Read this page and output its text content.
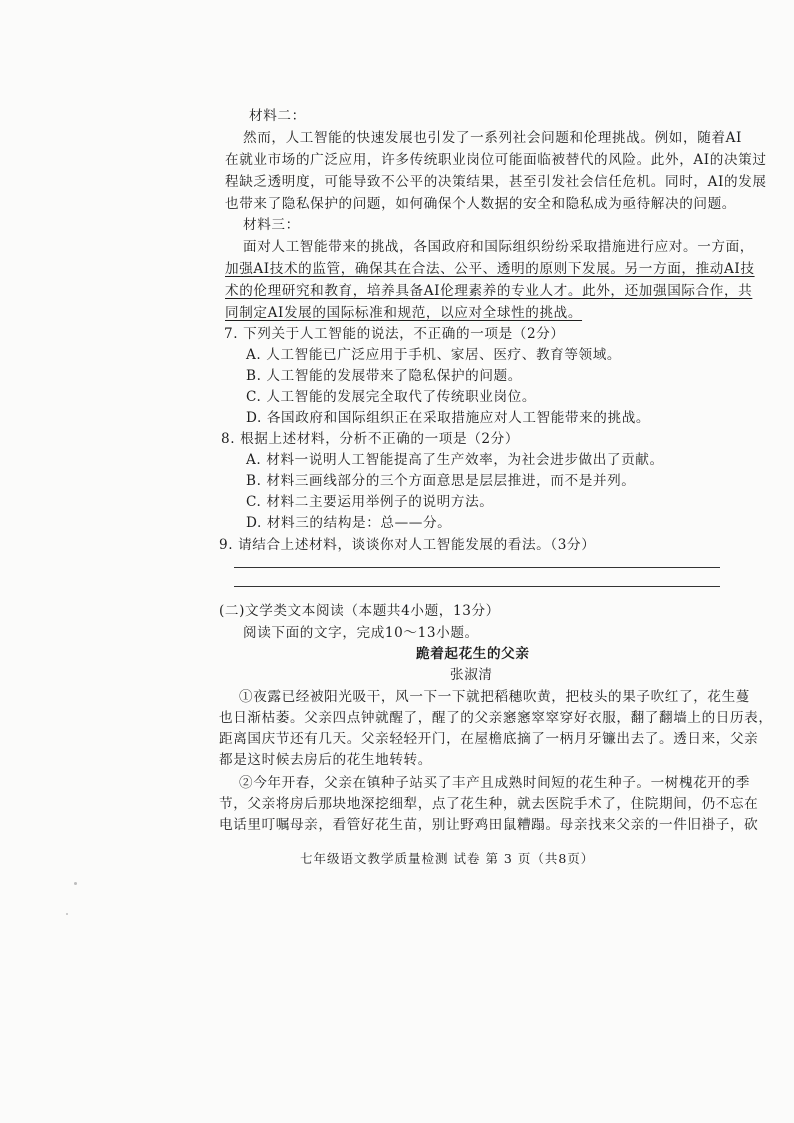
材料二：
然而，人工智能的快速发展也引发了一系列社会问题和伦理挑战。例如，随着AI
在就业市场的广泛应用，许多传统职业岗位可能面临被替代的风险。此外，AI的决策过
程缺乏透明度，可能导致不公平的决策结果，甚至引发社会信任危机。同时，AI的发展
也带来了隐私保护的问题，如何确保个人数据的安全和隐私成为亟待解决的问题。
材料三：
面对人工智能带来的挑战，各国政府和国际组织纷纷采取措施进行应对。一方面，
加强AI技术的监管，确保其在合法、公平、透明的原则下发展。另一方面，推动AI技
术的伦理研究和教育，培养具备AI伦理素养的专业人才。此外，还加强国际合作，共
同制定AI发展的国际标准和规范，以应对全球性的挑战。
7. 下列关于人工智能的说法，不正确的一项是（2分）
A. 人工智能已广泛应用于手机、家居、医疗、教育等领域。
B. 人工智能的发展带来了隐私保护的问题。
C. 人工智能的发展完全取代了传统职业岗位。
D. 各国政府和国际组织正在采取措施应对人工智能带来的挑战。
8. 根据上述材料，分析不正确的一项是（2分）
A. 材料一说明人工智能提高了生产效率，为社会进步做出了贡献。
B. 材料三画线部分的三个方面意思是层层推进，而不是并列。
C. 材料二主要运用举例子的说明方法。
D. 材料三的结构是：总——分。
9. 请结合上述材料，谈谈你对人工智能发展的看法。（3分）
(二)文学类文本阅读（本题共4小题，13分）
阅读下面的文字，完成10～13小题。
跪着起花生的父亲
张淑清
①夜露已经被阳光吸干，风一下一下就把稻穗吹黄，把枝头的果子吹红了，花生蔓
也日渐枯萎。父亲四点钟就醒了，醒了的父亲窸窸窣窣穿好衣服，翻了翻墙上的日历表，
距离国庆节还有几天。父亲轻轻开门，在屋檐底摘了一柄月牙镰出去了。透日来，父亲
都是这时候去房后的花生地转转。
②今年开春，父亲在镇种子站买了丰产且成熟时间短的花生种子。一树槐花开的季
节，父亲将房后那块地深挖细犁，点了花生种，就去医院手术了，住院期间，仍不忘在
电话里叮嘱母亲，看管好花生苗，别让野鸡田鼠糟蹋。母亲找来父亲的一件旧褂子，砍
七年级语文教学质量检测 试卷 第 3 页（共8页）
